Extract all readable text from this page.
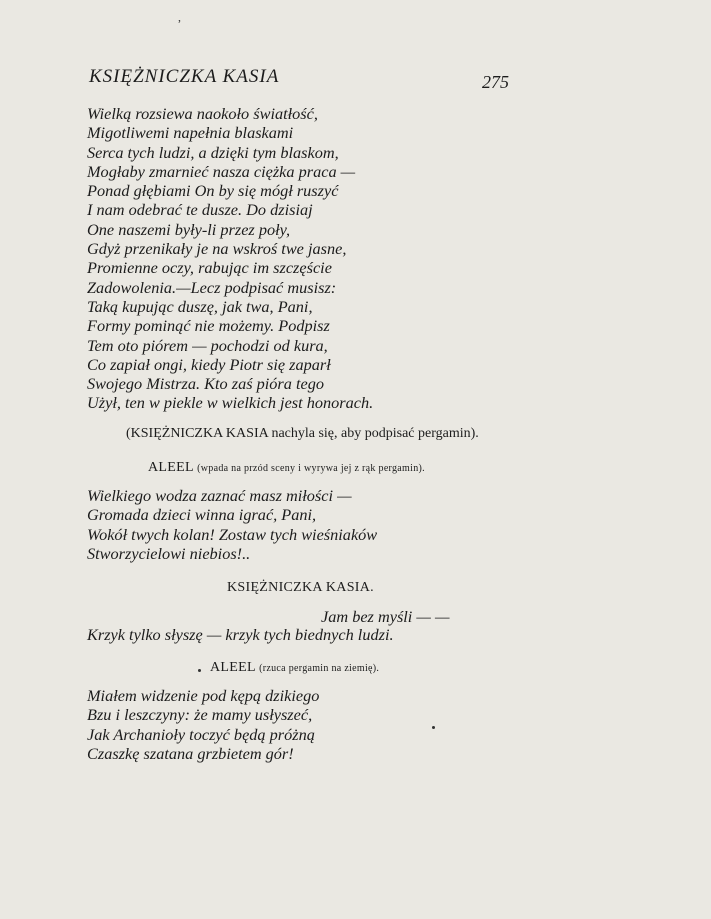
,
KSIĘŻNICZKA KASIA	275
Wielką rozsiewa naokoło światłość,
Migotliwemi napełnia blaskami
Serca tych ludzi, a dzięki tym blaskom,
Mogłaby zmarnieć nasza ciężka praca —
Ponad głębiami On by się mógł ruszyć
I nam odebrać te dusze. Do dzisiaj
One naszemi były-li przez poły,
Gdyż przenikały je na wskroś twe jasne,
Promienne oczy, rabując im szczęście
Zadowolenia.—Lecz podpisać musisz:
Taką kupując duszę, jak twa, Pani,
Formy pominąć nie możemy. Podpisz
Tem oto piórem — pochodzi od kura,
Co zapiał ongi, kiedy Piotr się zaparł
Swojego Mistrza. Kto zaś pióra tego
Użył, ten w piekle w wielkich jest honorach.
(KSIĘŻNICZKA KASIA nachyla się, aby podpisać pergamin).
ALEEL (wpada na przód sceny i wyrywa jej z rąk pergamin).
Wielkiego wodza zaznać masz miłości —
Gromada dzieci winna igrać, Pani,
Wokół twych kolan! Zostaw tych wieśniaków
Stworzycielowi niebios!..
KSIĘŻNICZKA KASIA.
Jam bez myśli — —
Krzyk tylko słyszę — krzyk tych biednych ludzi.
ALEEL (rzuca pergamin na ziemię).
Miałem widzenie pod kępą dzikiego
Bzu i leszczyny: że mamy usłyszeć,
Jak Archanioły toczyć będą próżną
Czaszkę szatana grzbietem gór!
